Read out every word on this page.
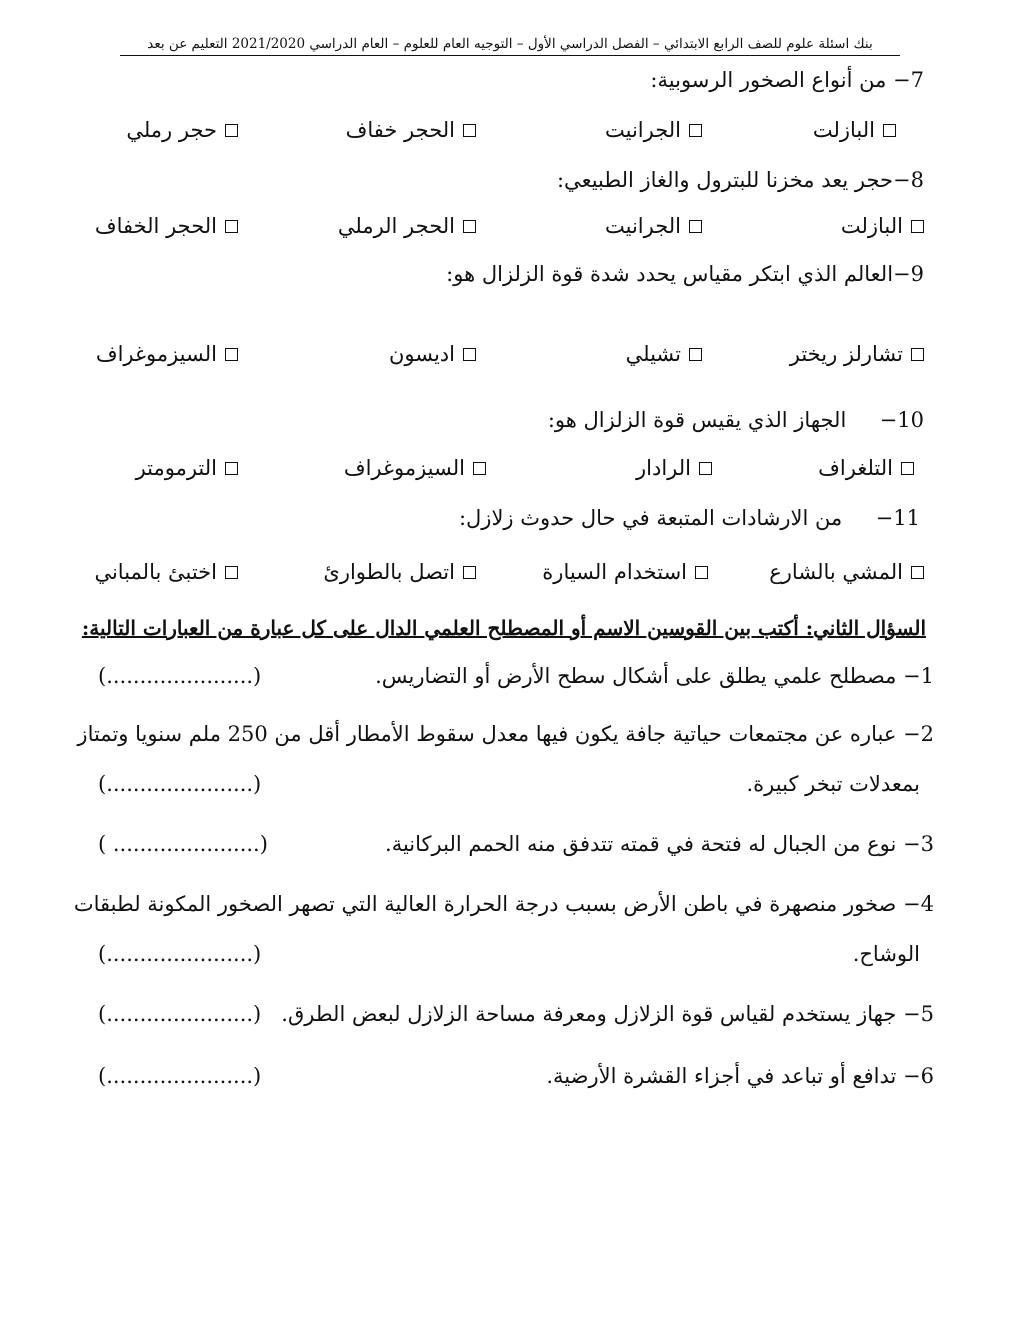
بنك اسئلة علوم للصف الرابع الابتدائي – الفصل الدراسي الأول – التوجيه العام للعلوم – العام الدراسي 2021/2020 التعليم عن بعد
7− من أنواع الصخور الرسوبية:
البازلت
الجرانيت
الحجر خفاف
حجر رملي
8−حجر يعد مخزنا للبترول والغاز الطبيعي:
البازلت
الجرانيت
الحجر الرملي
الحجر الخفاف
9−العالم الذي ابتكر مقياس يحدد شدة قوة الزلزال هو:
تشارلز ريختر
تشيلي
اديسون
السيزموغراف
10−     الجهاز الذي يقيس قوة الزلزال هو:
التلغراف
الرادار
السيزموغراف
الترمومتر
11−     من الارشادات المتبعة في حال حدوث زلازل:
المشي بالشارع
استخدام السيارة
اتصل بالطوارئ
اختبئ بالمباني
السؤال الثاني: أكتب بين القوسين الاسم أو المصطلح العلمي الدال على كل عبارة من العبارات التالية:
1− مصطلح علمي يطلق على أشكال سطح الأرض أو التضاريس.
(......................)
2− عباره عن مجتمعات حياتية جافة يكون فيها معدل سقوط الأمطار أقل من 250 ملم سنويا وتمتاز
بمعدلات تبخر كبيرة.
(......................)
3− نوع من الجبال له فتحة في قمته تتدفق منه الحمم البركانية.
( ......................)
4− صخور منصهرة في باطن الأرض بسبب درجة الحرارة العالية التي تصهر الصخور المكونة لطبقات
الوشاح.
(......................)
5− جهاز يستخدم لقياس قوة الزلازل ومعرفة مساحة الزلازل لبعض الطرق.
(......................)
6− تدافع أو تباعد في أجزاء القشرة الأرضية.
(......................)
